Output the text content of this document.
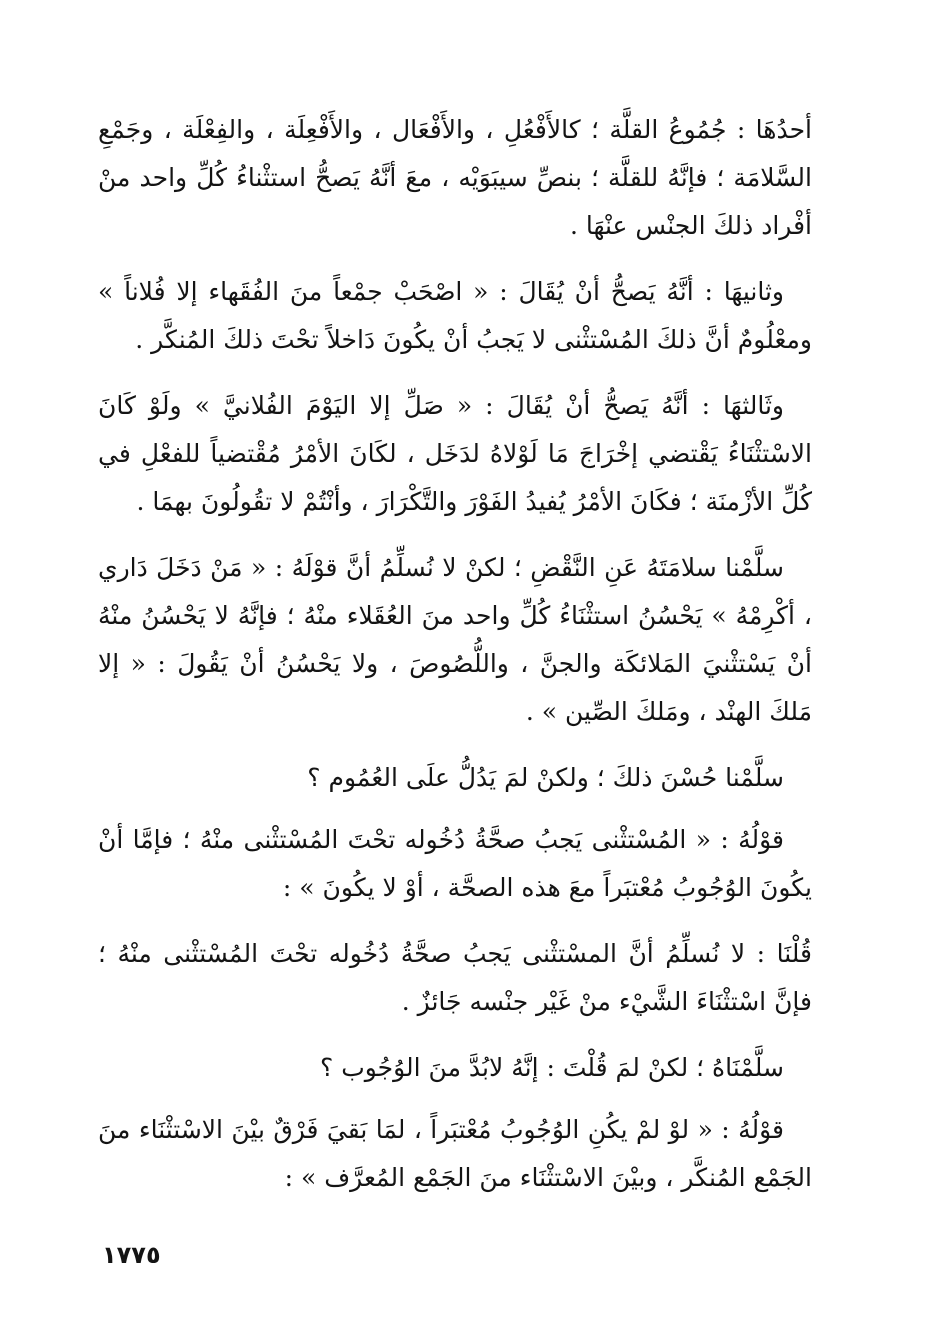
أحدُهَا : جُمُوعُ القلَّة ؛ كالأَفْعُلِ ، والأَفْعَال ، والأَفْعِلَة ، والفِعْلَة ، وجَمْعِ السَّلامَة ؛ فإنَّهُ للقلَّة ؛ بنصِّ سيبَوَيْه ، معَ أنَّهُ يَصحُّ استثْناءُ كُلِّ واحد منْ أفْراد ذلكَ الجنْس عنْهَا .

وثانيهَا : أنَّهُ يَصحُّ أنْ يُقَالَ : « اصْحَبْ جمْعاً منَ الفُقَهاء إلا فُلاناً » ومعْلُومٌ أنَّ ذلكَ المُسْتثْنى لا يَجبُ أنْ يكُونَ دَاخلاً تحْتَ ذلكَ المُنكَّر .

وثَالثهَا : أنَّهُ يَصحُّ أنْ يُقَالَ : « صَلِّ إلا اليَوْمَ الفُلانيَّ » ولَوْ كَانَ الاسْتثْنَاءُ يَقْتضي إخْرَاجَ مَا لَوْلاهُ لدَخَل ، لكَانَ الأمْرُ مُقْتضياً للفعْلِ في كُلِّ الأزْمنَة ؛ فكَانَ الأمْرُ يُفيدُ الفَوْرَ والتَّكْرَارَ ، وأنْتُمْ لا تقُولُونَ بهمَا .

سلَّمْنا سلامَتَهُ عَنِ النَّقْضِ ؛ لكنْ لا نُسلِّمُ أنَّ قوْلَهُ : « مَنْ دَخَلَ دَاري ، أكْرِمْهُ » يَحْسُنُ استثْنَاءُ كُلِّ واحد منَ العُقَلاء منْهُ ؛ فإنَّهُ لا يَحْسُنُ منْهُ أنْ يَسْتثْنيَ المَلائكَة والجنَّ ، واللُّصُوصَ ، ولا يَحْسُنُ أنْ يَقُولَ : « إلا مَلكَ الهنْد ، ومَلكَ الصِّين » .

سلَّمْنا حُسْنَ ذلكَ ؛ ولكنْ لمَ يَدُلُّ علَى العُمُوم ؟

قوْلُهُ : « المُسْتثْنى يَجبُ صحَّةُ دُخُوله تحْتَ المُسْتثْنى منْهُ ؛ فإمَّا أنْ يكُونَ الوُجُوبُ مُعْتبَراً معَ هذه الصحَّة ، أوْ لا يكُونَ » :

قُلْنَا : لا نُسلِّمُ أنَّ المسْتثْنى يَجبُ صحَّةُ دُخُوله تحْتَ المُسْتثْنى منْهُ ؛ فإنَّ اسْتثْنَاءَ الشَّيْء منْ غَيْر جنْسه جَائزٌ .

سلَّمْنَاهُ ؛ لكنْ لمَ قُلْتَ : إنَّهُ لابُدَّ منَ الوُجُوب ؟

قوْلُهُ : « لوْ لمْ يكُنِ الوُجُوبُ مُعْتبَراً ، لمَا بَقيَ فَرْقٌ بيْنَ الاسْتثْنَاء منَ الجَمْع المُنكَّر ، وبيْنَ الاسْتثْنَاء منَ الجَمْع المُعرَّف » :

١٧٧٥
